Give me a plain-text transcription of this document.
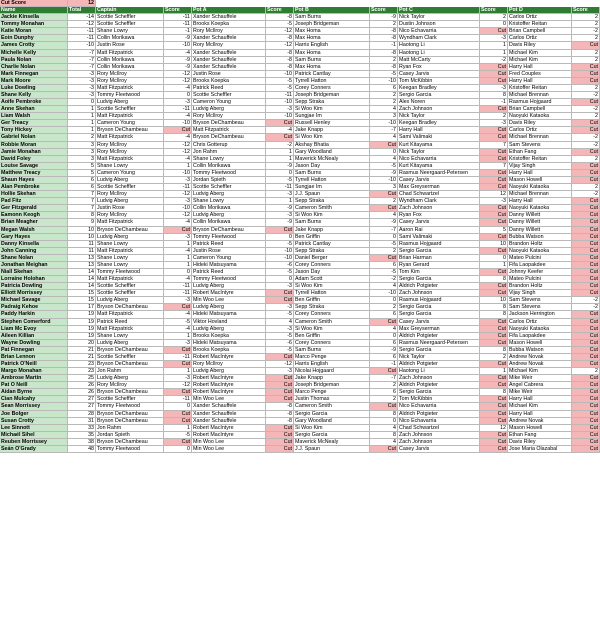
Cut Score	12
Name	Total	Captain	Score	Pot A	Score	Pot B	Score	Pot C	Score	Pot D	Score
Jackie Kinsella	-14 Scottie Scheffler	-11 Xander Schauffele	-8 Sam Burns	-9 Nick Taylor	2 Carlos Ortiz	2
Tommy Monahan	-12 Scottie Scheffler	-11 Brooks Koepka	-5 Joseph Bridgeman	2 Dustin Johnson	0 Kristoffer Reitan	2
Katie Moran	-11 Shane Lowry	-1 Rory McIlroy	-12 Max Homa	-8 Nico Echavarria	Cut Brian Campbell	-2
Eoin Dunphy	-11 Collin Morikawa	-9 Xander Schauffele	-8 Max Homa	-8 Wyndham Clark	-3 Carlos Ortiz	2
James Crotty	-10 Justin Rose	-10 Rory McIlroy	-12 Harris English	-1 Haotong Li	1 Davis Riley	Cut
Michelle Kelly	-7 Matt Fitzpatrick	-4 Xander Schauffele	-8 Max Homa	-8 Haotong Li	1 Michael Kim	2
Paula Nolan	-7 Collin Morikawa	-9 Xander Schauffele	-8 Sam Burns	2 Matt McCarty	-2 Michael Kim	2
Charlie Nolan	-7 Collin Morikawa	-9 Xander Schauffele	-8 Max Homa	-8 Ryan Fox	Cut Harry Hall	Cut
Mark Finnegan	-3 Rory McIlroy	-12 Justin Rose	-10 Patrick Cantlay	-5 Casey Jarvis	Cut Fred Couples	Cut
Mark Moore	-3 Rory McIlroy	-12 Brooks Koepka	-5 Tyrrell Hatton	-10 Tom McKibbin	Cut Harry Hall	Cut
Luke Dowling	-3 Matt Fitzpatrick	-4 Patrick Reed	-5 Corey Conners	6 Keegan Bradley	-3 Kristoffer Reitan	2
Shane Kelly	-3 Tommy Fleetwood	0 Scottie Scheffler	-11 Joseph Bridgeman	2 Sergio Garcia	8 Michael Brennan	-2
Aoife Pembroke	0 Ludvig Aberg	-3 Cameron Young	-10 Sepp Straka	2 Alex Noren	-1 Rasmus Hojgaard	Cut
Anne Skehan	1 Scottie Scheffler	-11 Ludvig Aberg	-3 Si Woo Kim	4 Zach Johnson	Cut Brian Campbell	-2
Liam Walsh	1 Matt Fitzpatrick	-4 Rory McIlroy	-10 Sungjae Im	3 Nick Taylor	2 Naoyuki Kataoka	2
Ger Treacy	1 Cameron Young	-10 Bryson DeChambeau	Cut Russell Henley	-10 Keegan Bradley	-3 Davis Riley	Cut
Tony Hickey	1 Bryson DeChambeau	Cut Matt Fitzpatrick	-4 Jake Knapp	-7 Harry Hall	Cut Carlos Ortiz	Cut
Gabriel Nolan	2 Matt Fitzpatrick	-4 Bryson DeChambeau	Cut Si Woo Kim	4 Sami Valimaki	Cut Michael Brennan	-2
Robbie Moran	3 Rory McIlroy	-12 Chris Gotterup	-2 Akshay Bhatia	Cut Kurt Kitayama	7 Sam Stevens	-2
Jamie Monahan	3 Rory McIlroy	-12 Jon Rahm	1 Gary Woodland	0 Nick Taylor	Cut Ethan Fang	Cut
David Foley	3 Matt Fitzpatrick	-4 Shane Lowry	1 Maverick McNealy	4 Nico Echavarria	Cut Kristoffer Reitan	2
Louise Savage	5 Shane Lowry	1 Collin Morikawa	-9 Jason Day	-5 Kurt Kitayama	7 Vijay Singh	Cut
Matthew Treacy	5 Cameron Young	-10 Tommy Fleetwood	0 Sam Burns	-9 Rasmus Neergaard-Petersen	Cut Harry Hall	Cut
Shaun Hayes	6 Ludvig Aberg	-3 Jordan Spieth	-5 Tyrrell Hatton	-10 Casey Jarvis	Cut Mason Howell	Cut
Alan Pembroke	6 Scottie Scheffler	-11 Scottie Scheffler	-11 Sungjae Im	3 Max Greyserman	Cut Naoyuki Kataoka	2
Hollie Skehan	7 Rory McIlroy	-12 Ludvig Aberg	-3 J.J. Spaun	Cut Chad Schwartzel	12 Michael Brennan	-2
Pad Fitz	7 Ludvig Aberg	-3 Shane Lowry	1 Sepp Straka	2 Wyndham Clark	-3 Harry Hall	Cut
Ger Fitzgerald	7 Justin Rose	-10 Collin Morikawa	-9 Cameron Smith	Cut Zach Johnson	Cut Naoyuki Kataoka	Cut
Eamonn Keogh	8 Rory McIlroy	-12 Ludvig Aberg	-3 Si Woo Kim	4 Ryan Fox	Cut Danny Willett	Cut
Brian Meagher	9 Matt Fitzpatrick	-4 Collin Morikawa	-9 Sam Burns	-9 Casey Jarvis	Cut Danny Willett	Cut
Megan Walsh	10 Bryson DeChambeau	Cut Bryson DeChambeau	Cut Jake Knapp	-7 Aaron Rai	5 Danny Willett	Cut
Gary Hayes	10 Ludvig Aberg	-3 Tommy Fleetwood	0 Ben Griffin	0 Sami Valimaki	Cut Bubba Watson	Cut
Danny Kinsella	11 Shane Lowry	1 Patrick Reed	-5 Patrick Cantlay	-5 Rasmus Hojgaard	10 Brandon Holtz	Cut
John Canning	11 Matt Fitzpatrick	-4 Justin Rose	-10 Sepp Straka	2 Sergio Garcia	Cut Naoyuki Kataoka	Cut
Shane Nolan	13 Shane Lowry	1 Cameron Young	-10 Daniel Berger	Cut Brian Harman	0 Mateo Pulcini	Cut
Jonathan Meighan	13 Shane Lowry	1 Hideki Matsuyama	-6 Corey Conners	6 Ryan Gerard	1 Fifa Laopakdee	Cut
Niall Skehan	14 Tommy Fleetwood	0 Patrick Reed	-5 Jason Day	-5 Tom Kim	Cut Johnny Keefer	Cut
Lorraine Holohan	14 Matt Fitzpatrick	-4 Tommy Fleetwood	0 Adam Scott	-2 Sergio Garcia	8 Mateo Pulcini	Cut
Patricia Dowling	14 Scottie Scheffler	-11 Ludvig Aberg	-3 Si Woo Kim	4 Aldrich Potgieter	Cut Brandon Holtz	Cut
Elliott Morrissey	15 Scottie Scheffler	-11 Robert MacIntyre	Cut Tyrrell Hatton	-10 Zach Johnson	Cut Vijay Singh	Cut
Michael Savage	15 Ludvig Aberg	-3 Min Woo Lee	Cut Ben Griffin	0 Rasmus Hojgaard	10 Sam Stevens	-2
Padraig Kehoe	17 Bryson DeChambeau	Cut Ludvig Aberg	-3 Sepp Straka	2 Sergio Garcia	8 Sam Stevens	-2
Paddy Harkin	19 Matt Fitzpatrick	-4 Hideki Matsuyama	-5 Corey Conners	6 Sergio Garcia	8 Jackson Herrington	Cut
Stephen Comerford	19 Patrick Reed	-5 Viktor Hovland	4 Cameron Smith	Cut Casey Jarvis	Cut Carlos Ortiz	Cut
Liam Mc Evoy	19 Matt Fitzpatrick	-4 Ludvig Aberg	-3 Si Woo Kim	4 Max Greyserman	Cut Naoyuki Kataoka	Cut
Aileen Killian	19 Shane Lowry	1 Brooks Koepka	-5 Ben Griffin	0 Aldrich Potgieter	Cut Fifa Laopakdee	Cut
Wayne Dowling	20 Ludvig Aberg	-3 Hideki Matsuyama	-6 Corey Conners	6 Rasmus Neergaard-Petersen	Cut Mason Howell	Cut
Pat Finnegan	21 Bryson DeChambeau	Cut Brooks Koepka	-5 Sam Burns	-9 Sergio Garcia	8 Bubba Watson	Cut
Brian Lennon	21 Scottie Scheffler	-11 Robert MacIntyre	Cut Marco Penge	6 Nick Taylor	2 Andrew Novak	Cut
Patrick O'Neill	23 Bryson DeChambeau	Cut Rory McIlroy	-12 Harris English	-1 Aldrich Potgieter	Cut Andrew Novak	Cut
Margo Monahan	23 Jon Rahm	1 Ludvig Aberg	-3 Nicolai Hojgaard	Cut Haotong Li	1 Michael Kim	2
Ambrose Martin	25 Ludvig Aberg	-3 Robert MacIntyre	Cut Jake Knapp	-7 Zach Johnson	Cut Mike Weir	Cut
Pat O Neill	26 Rory McIlroy	-12 Robert MacIntyre	Cut Joseph Bridgeman	2 Aldrich Potgieter	Cut Angel Cabrera	Cut
Aidan Byrne	26 Bryson DeChambeau	Cut Robert MacIntyre	Cut Marco Penge	6 Sergio Garcia	8 Mike Weir	Cut
Cian Mulcahy	27 Scottie Scheffler	-11 Min Woo Lee	Cut Justin Thomas	2 Tom McKibbin	Cut Harry Hall	Cut
Sean Morrissey	27 Tommy Fleetwood	0 Xander Schauffele	-8 Cameron Smith	Cut Nico Echavarria	Cut Michael Kim	Cut
Joe Bolger	28 Bryson DeChambeau	Cut Xander Schauffele	-8 Sergio Garcia	8 Aldrich Potgieter	Cut Harry Hall	Cut
Susan Crotty	31 Bryson DeChambeau	Cut Xander Schauffele	-8 Gary Woodland	0 Nico Echavarria	Cut Andrew Novak	Cut
Lee Sinnott	33 Jon Rahm	1 Robert MacIntyre	Cut Si Woo Kim	4 Chad Schwartzel	12 Mason Howell	Cut
Michaél Sihel	35 Jordan Spieth	-5 Robert MacIntyre	Cut Sergio Garcia	8 Zach Johnson	Cut Ethan Fang	Cut
Reuben Morrissey	38 Bryson DeChambeau	Cut Min Woo Lee	Cut Maverick McNealy	4 Zach Johnson	Cut Davis Riley	Cut
Seán O'Grady	48 Tommy Fleetwood	0 Min Woo Lee	Cut J.J. Spaun	Cut Casey Jarvis	Cut Jose Maria Olazabal	Cut
